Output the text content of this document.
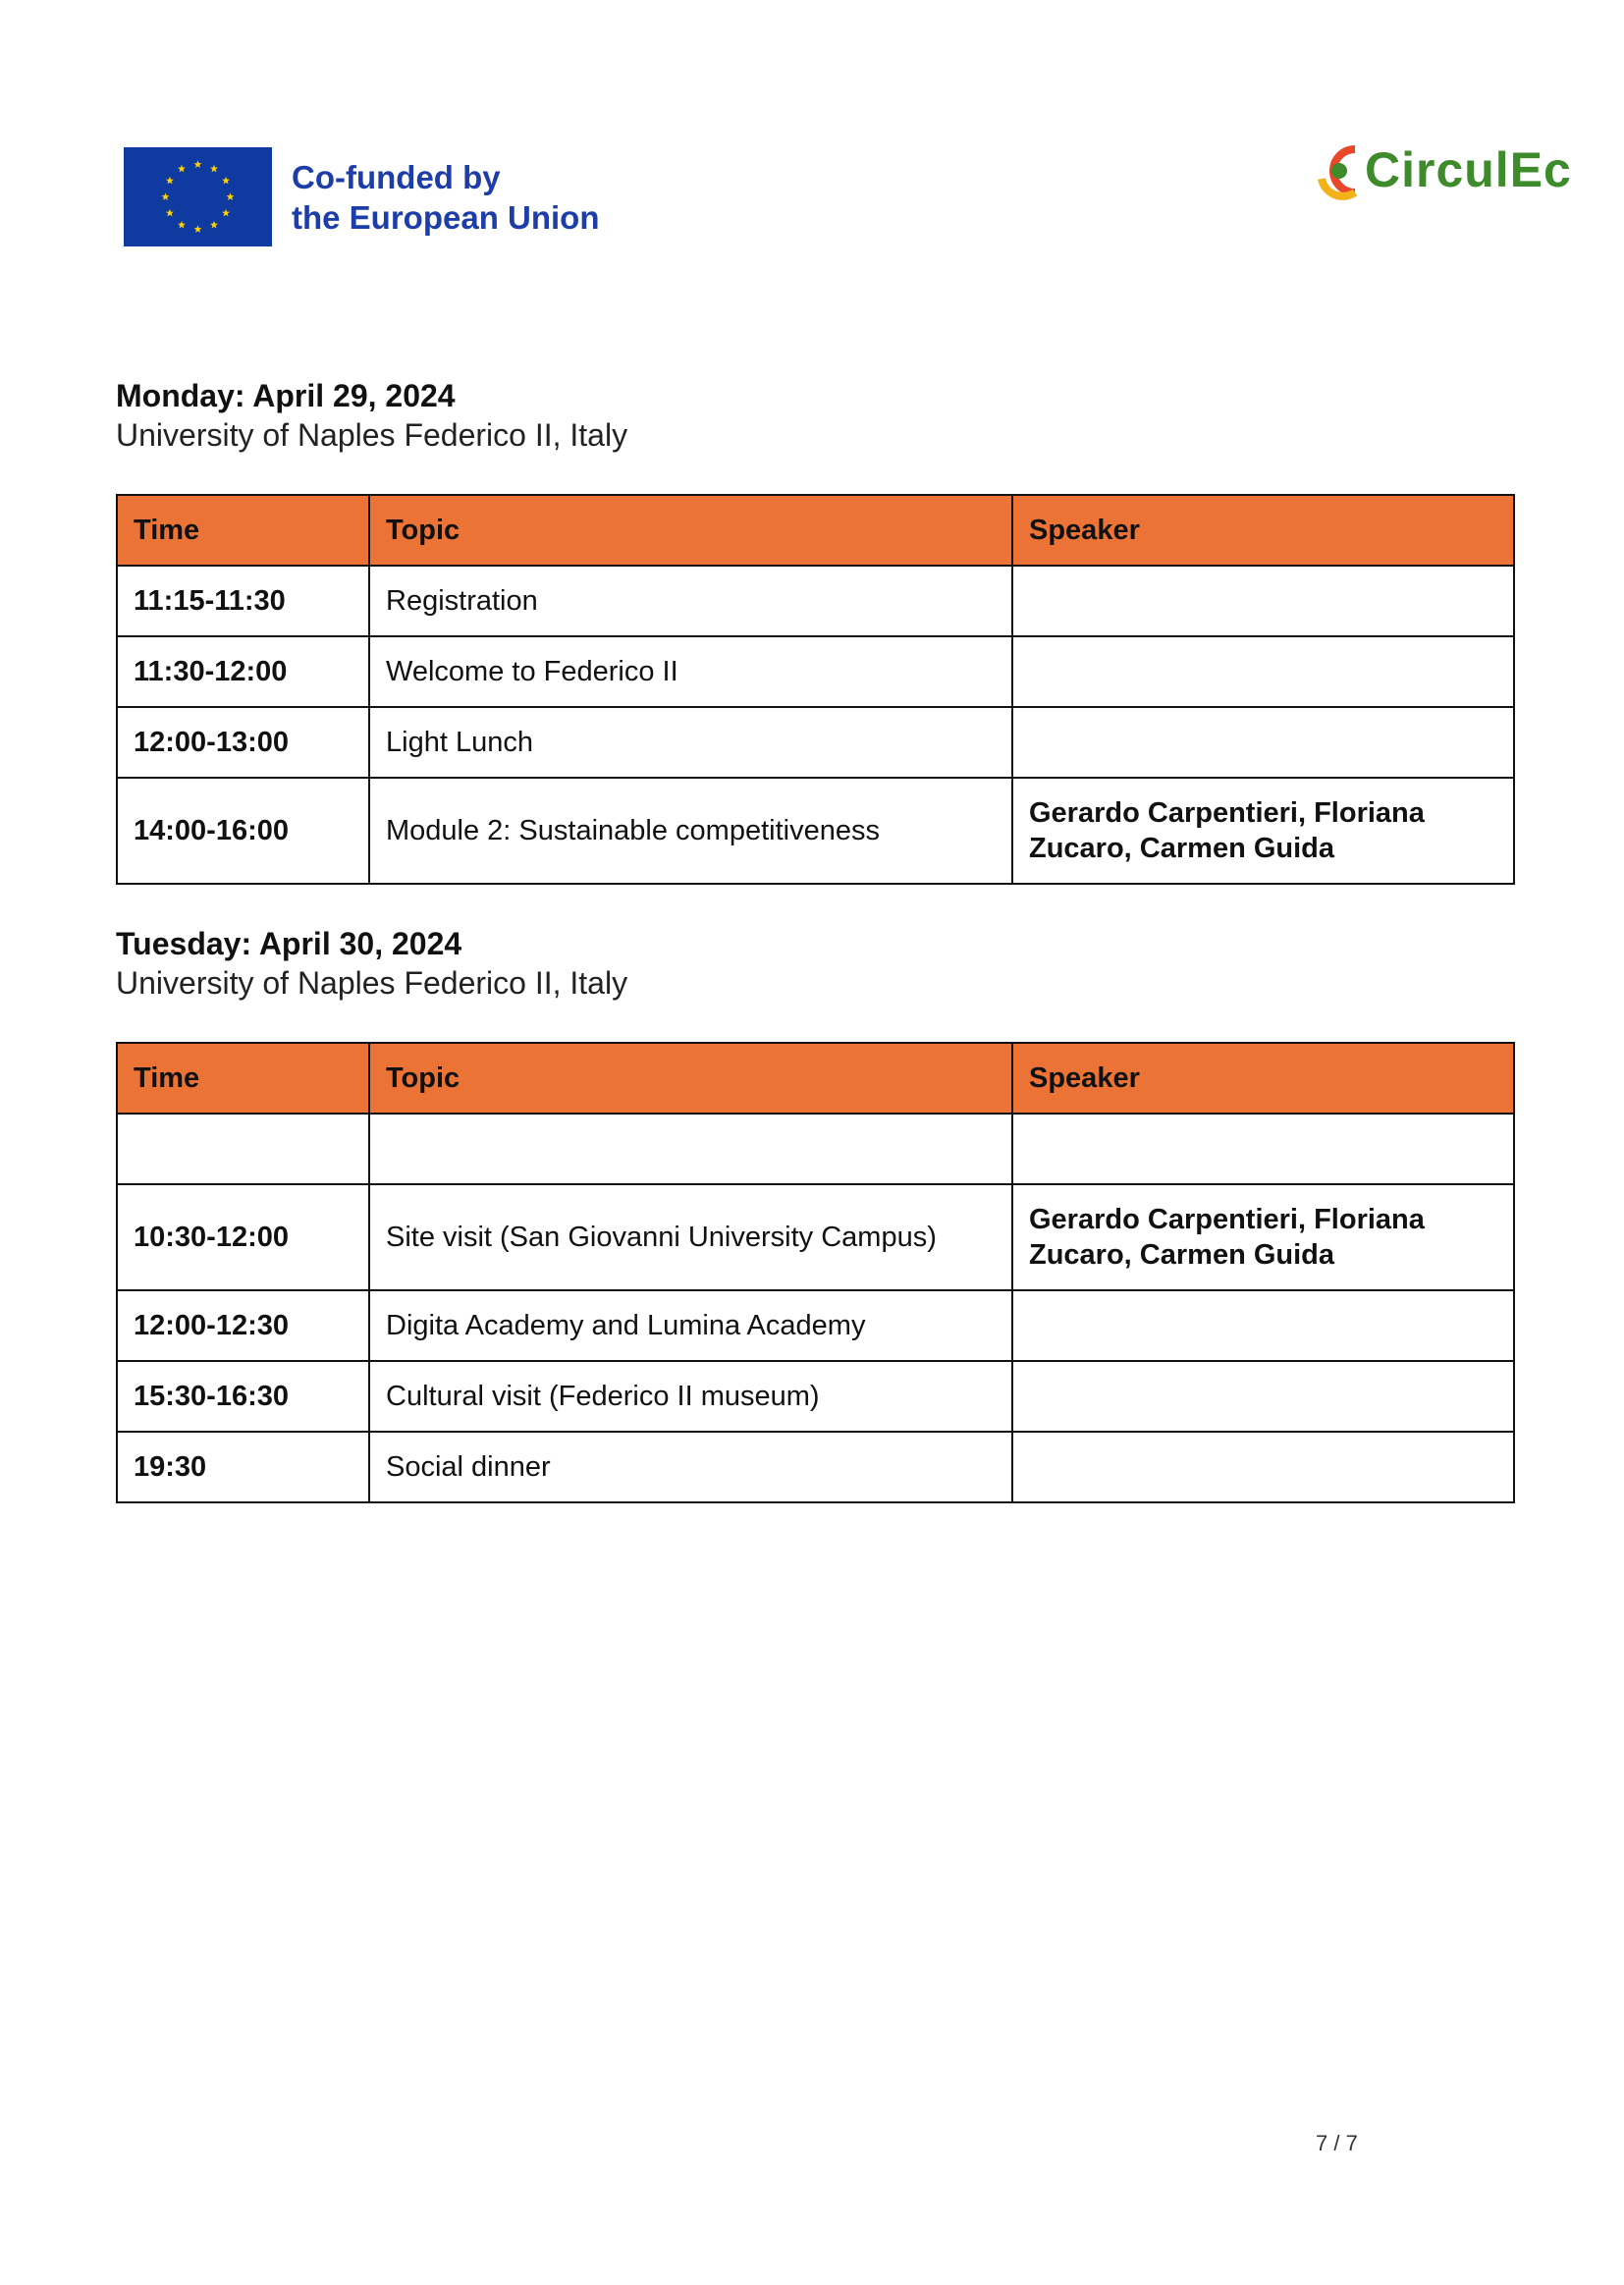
Co-funded by
the European Union
CirculEc
Monday: April 29, 2024
University of Naples Federico II, Italy
Time	Topic	Speaker
11:15-11:30	Registration	
11:30-12:00	Welcome to Federico II	
12:00-13:00	Light Lunch	
14:00-16:00	Module 2: Sustainable competitiveness	Gerardo Carpentieri, Floriana Zucaro, Carmen Guida
Tuesday: April 30, 2024
University of Naples Federico II, Italy
Time	Topic	Speaker

10:30-12:00	Site visit (San Giovanni University Campus)	Gerardo Carpentieri, Floriana Zucaro, Carmen Guida
12:00-12:30	Digita Academy and Lumina Academy	
15:30-16:30	Cultural visit (Federico II museum)	
19:30	Social dinner	
7 / 7
